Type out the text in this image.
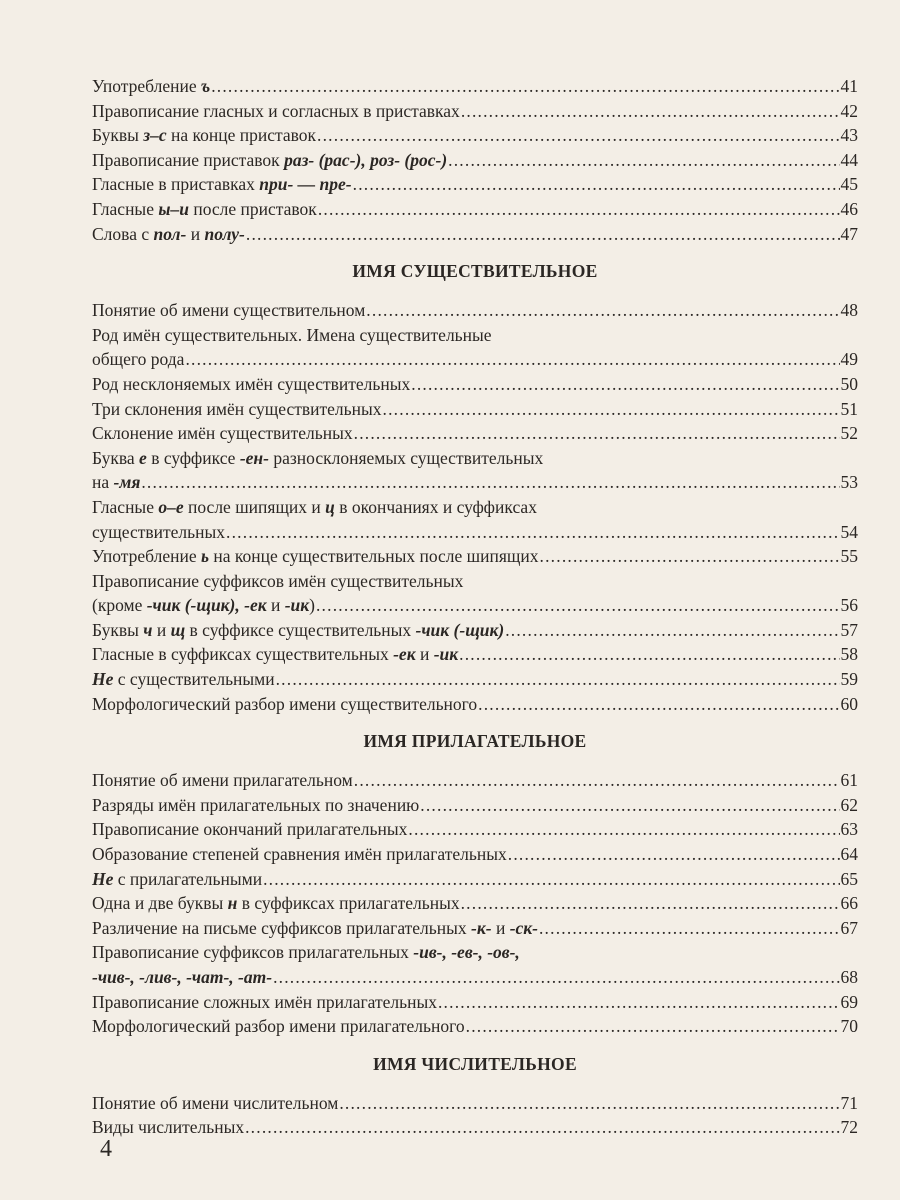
Употребление ъ .....	41
Правописание гласных и согласных в приставках .....	42
Буквы з–с на конце приставок .....	43
Правописание приставок раз- (рас-), роз- (рос-) .....	44
Гласные в приставках при- — пре- .....	45
Гласные ы–и после приставок .....	46
Слова с пол- и полу- .....	47
ИМЯ СУЩЕСТВИТЕЛЬНОЕ
Понятие об имени существительном .....	48
Род имён существительных. Имена существительные
общего рода .....	49
Род несклоняемых имён существительных .....	50
Три склонения имён существительных .....	51
Склонение имён существительных .....	52
Буква е в суффиксе -ен- разносклоняемых существительных
на -мя .....	53
Гласные о–е после шипящих и ц в окончаниях и суффиксах
существительных .....	54
Употребление ь на конце существительных после шипящих .....	55
Правописание суффиксов имён существительных
(кроме -чик (-щик), -ек и -ик) .....	56
Буквы ч и щ в суффиксе существительных -чик (-щик) .....	57
Гласные в суффиксах существительных -ек и -ик .....	58
Не с существительными .....	59
Морфологический разбор имени существительного .....	60
ИМЯ ПРИЛАГАТЕЛЬНОЕ
Понятие об имени прилагательном .....	61
Разряды имён прилагательных по значению .....	62
Правописание окончаний прилагательных .....	63
Образование степеней сравнения имён прилагательных .....	64
Не с прилагательными .....	65
Одна и две буквы н в суффиксах прилагательных .....	66
Различение на письме суффиксов прилагательных -к- и -ск- .....	67
Правописание суффиксов прилагательных -ив-, -ев-, -ов-,
-чив-, -лив-, -чат-, -ат- .....	68
Правописание сложных имён прилагательных .....	69
Морфологический разбор имени прилагательного .....	70
ИМЯ ЧИСЛИТЕЛЬНОЕ
Понятие об имени числительном .....	71
Виды числительных .....	72
4
